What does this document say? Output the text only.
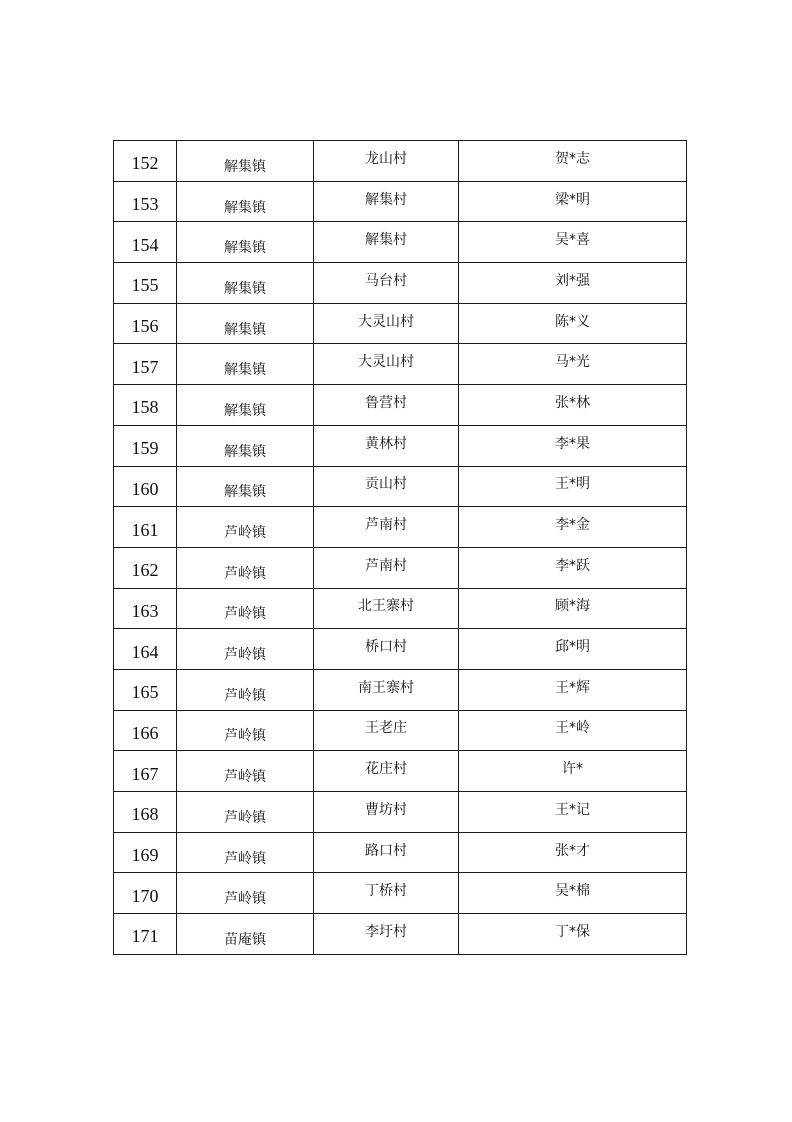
152	解集镇	龙山村	贺*志
153	解集镇	解集村	梁*明
154	解集镇	解集村	吴*喜
155	解集镇	马台村	刘*强
156	解集镇	大灵山村	陈*义
157	解集镇	大灵山村	马*光
158	解集镇	鲁营村	张*林
159	解集镇	黄林村	李*果
160	解集镇	贡山村	王*明
161	芦岭镇	芦南村	李*金
162	芦岭镇	芦南村	李*跃
163	芦岭镇	北王寨村	顾*海
164	芦岭镇	桥口村	邱*明
165	芦岭镇	南王寨村	王*辉
166	芦岭镇	王老庄	王*岭
167	芦岭镇	花庄村	许*
168	芦岭镇	曹坊村	王*记
169	芦岭镇	路口村	张*才
170	芦岭镇	丁桥村	吴*棉
171	苗庵镇	李圩村	丁*保
